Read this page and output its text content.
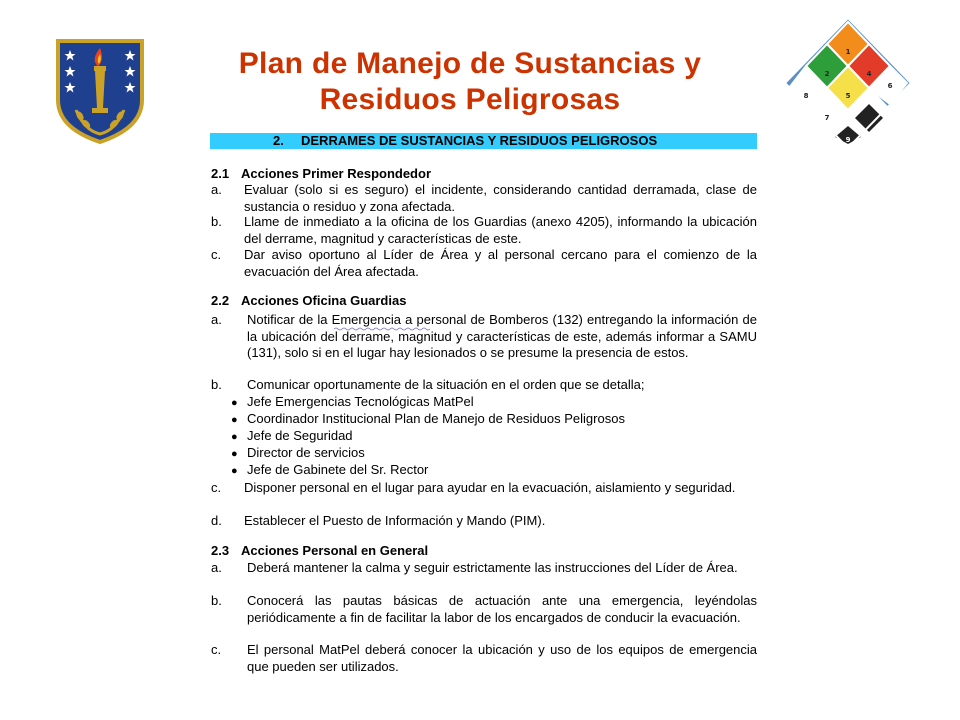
Plan de Manejo de Sustancias y
Residuos Peligrosas
1
2	4
8	5
6
7
9
2. DERRAMES DE SUSTANCIAS Y RESIDUOS PELIGROSOS
2.1 Acciones Primer Respondedor
a. Evaluar (solo si es seguro) el incidente, considerando cantidad derramada, clase de sustancia o residuo y zona afectada.
b. Llame de inmediato a la oficina de los Guardias (anexo 4205), informando la ubicación del derrame, magnitud y características de este.
c. Dar aviso oportuno al Líder de Área y al personal cercano para el comienzo de la evacuación del Área afectada.
2.2 Acciones Oficina Guardias
a. Notificar de la Emergencia a personal de Bomberos (132) entregando la información de la ubicación del derrame, magnitud y características de este, además informar a SAMU (131), solo si en el lugar hay lesionados o se presume la presencia de estos.
b. Comunicar oportunamente de la situación en el orden que se detalla;
● Jefe Emergencias Tecnológicas MatPel
● Coordinador Institucional Plan de Manejo de Residuos Peligrosos
● Jefe de Seguridad
● Director de servicios
● Jefe de Gabinete del Sr. Rector
c. Disponer personal en el lugar para ayudar en la evacuación, aislamiento y seguridad.
d. Establecer el Puesto de Información y Mando (PIM).
2.3 Acciones Personal en General
a. Deberá mantener la calma y seguir estrictamente las instrucciones del Líder de Área.
b. Conocerá las pautas básicas de actuación ante una emergencia, leyéndolas periódicamente a fin de facilitar la labor de los encargados de conducir la evacuación.
c. El personal MatPel deberá conocer la ubicación y uso de los equipos de emergencia que pueden ser utilizados.
